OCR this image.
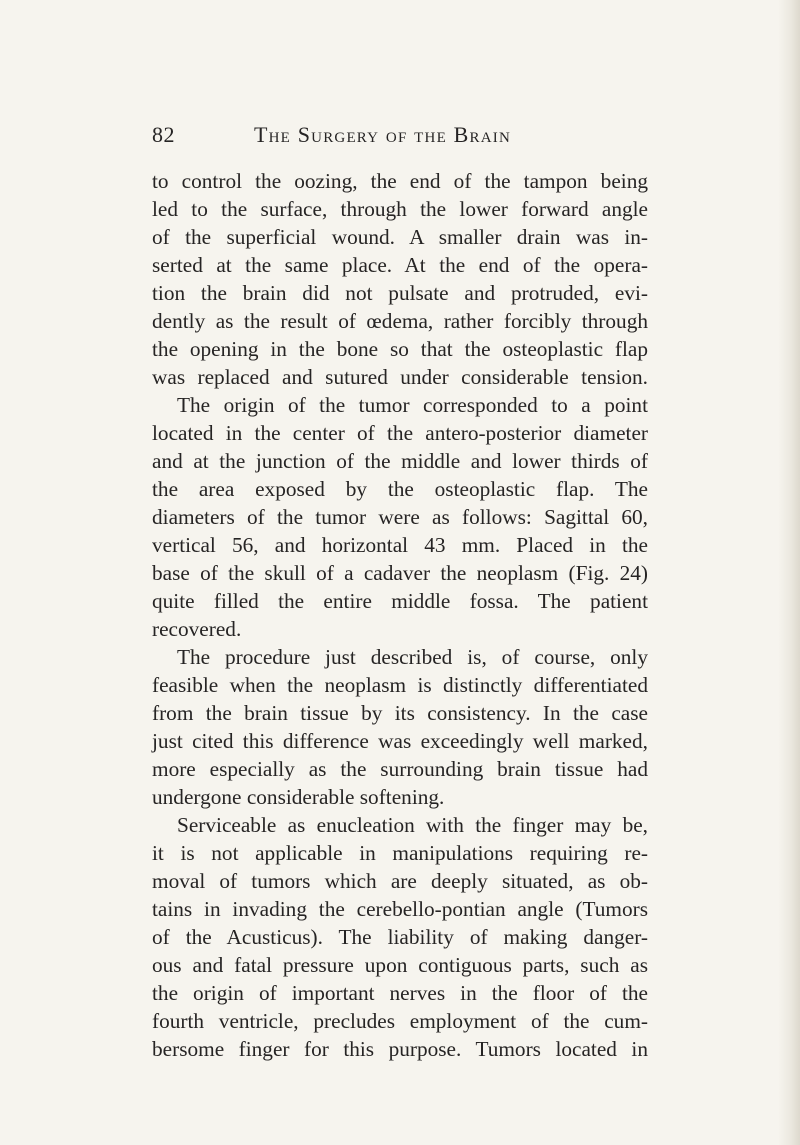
82	The Surgery of the Brain
to control the oozing, the end of the tampon being
led to the surface, through the lower forward angle
of the superficial wound. A smaller drain was in-
serted at the same place. At the end of the opera-
tion the brain did not pulsate and protruded, evi-
dently as the result of œdema, rather forcibly through
the opening in the bone so that the osteoplastic flap
was replaced and sutured under considerable tension.
The origin of the tumor corresponded to a point
located in the center of the antero-posterior diameter
and at the junction of the middle and lower thirds of
the area exposed by the osteoplastic flap. The
diameters of the tumor were as follows: Sagittal 60,
vertical 56, and horizontal 43 mm. Placed in the
base of the skull of a cadaver the neoplasm (Fig. 24)
quite filled the entire middle fossa. The patient
recovered.
The procedure just described is, of course, only
feasible when the neoplasm is distinctly differentiated
from the brain tissue by its consistency. In the case
just cited this difference was exceedingly well marked,
more especially as the surrounding brain tissue had
undergone considerable softening.
Serviceable as enucleation with the finger may be,
it is not applicable in manipulations requiring re-
moval of tumors which are deeply situated, as ob-
tains in invading the cerebello-pontian angle (Tumors
of the Acusticus). The liability of making danger-
ous and fatal pressure upon contiguous parts, such as
the origin of important nerves in the floor of the
fourth ventricle, precludes employment of the cum-
bersome finger for this purpose. Tumors located in
